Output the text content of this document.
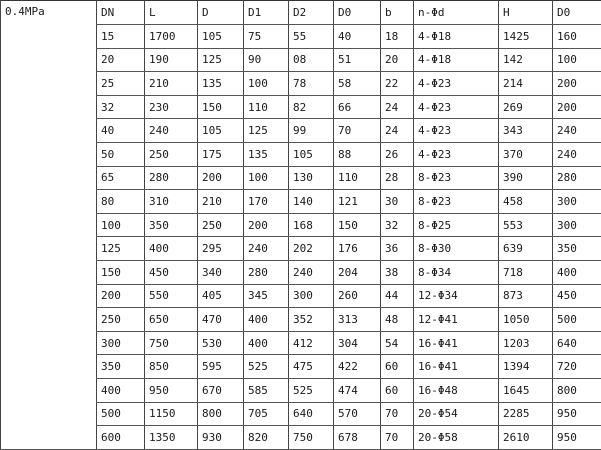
0.4MPa	DN	L	D	D1	D2	D0	b	n-Φd	H	D0
	15	1700	105	75	55	40	18	4-Φ18	1425	160
	20	190	125	90	08	51	20	4-Φ18	142	100
	25	210	135	100	78	58	22	4-Φ23	214	200
	32	230	150	110	82	66	24	4-Φ23	269	200
	40	240	105	125	99	70	24	4-Φ23	343	240
	50	250	175	135	105	88	26	4-Φ23	370	240
	65	280	200	100	130	110	28	8-Φ23	390	280
	80	310	210	170	140	121	30	8-Φ23	458	300
	100	350	250	200	168	150	32	8-Φ25	553	300
	125	400	295	240	202	176	36	8-Φ30	639	350
	150	450	340	280	240	204	38	8-Φ34	718	400
	200	550	405	345	300	260	44	12-Φ34	873	450
	250	650	470	400	352	313	48	12-Φ41	1050	500
	300	750	530	400	412	304	54	16-Φ41	1203	640
	350	850	595	525	475	422	60	16-Φ41	1394	720
	400	950	670	585	525	474	60	16-Φ48	1645	800
	500	1150	800	705	640	570	70	20-Φ54	2285	950
	600	1350	930	820	750	678	70	20-Φ58	2610	950
